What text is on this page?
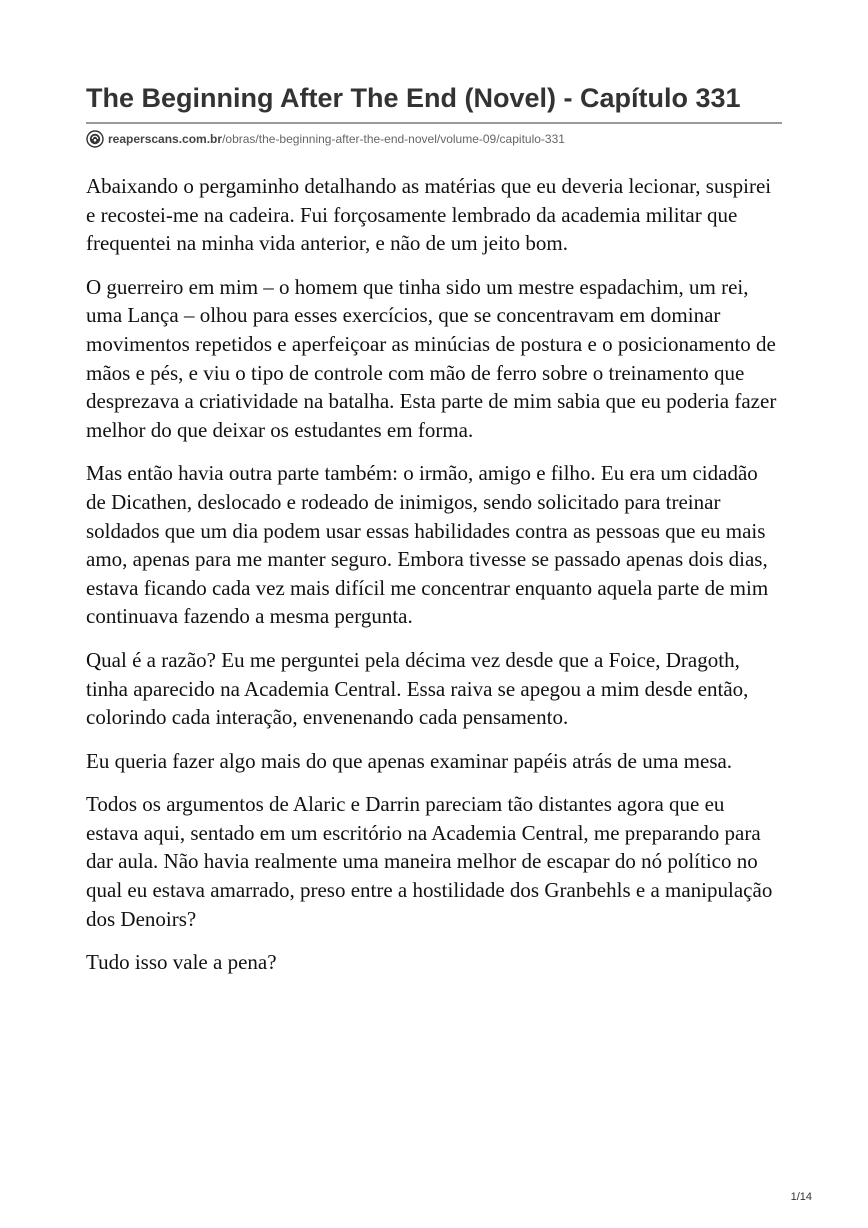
The Beginning After The End (Novel) - Capítulo 331
reaperscans.com.br /obras/the-beginning-after-the-end-novel/volume-09/capitulo-331

Abaixando o pergaminho detalhando as matérias que eu deveria lecionar, suspirei e recostei-me na cadeira. Fui forçosamente lembrado da academia militar que frequentei na minha vida anterior, e não de um jeito bom.

O guerreiro em mim – o homem que tinha sido um mestre espadachim, um rei, uma Lança – olhou para esses exercícios, que se concentravam em dominar movimentos repetidos e aperfeiçoar as minúcias de postura e o posicionamento de mãos e pés, e viu o tipo de controle com mão de ferro sobre o treinamento que desprezava a criatividade na batalha. Esta parte de mim sabia que eu poderia fazer melhor do que deixar os estudantes em forma.

Mas então havia outra parte também: o irmão, amigo e filho. Eu era um cidadão de Dicathen, deslocado e rodeado de inimigos, sendo solicitado para treinar soldados que um dia podem usar essas habilidades contra as pessoas que eu mais amo, apenas para me manter seguro. Embora tivesse se passado apenas dois dias, estava ficando cada vez mais difícil me concentrar enquanto aquela parte de mim continuava fazendo a mesma pergunta.

Qual é a razão? Eu me perguntei pela décima vez desde que a Foice, Dragoth, tinha aparecido na Academia Central. Essa raiva se apegou a mim desde então, colorindo cada interação, envenenando cada pensamento.

Eu queria fazer algo mais do que apenas examinar papéis atrás de uma mesa.

Todos os argumentos de Alaric e Darrin pareciam tão distantes agora que eu estava aqui, sentado em um escritório na Academia Central, me preparando para dar aula. Não havia realmente uma maneira melhor de escapar do nó político no qual eu estava amarrado, preso entre a hostilidade dos Granbehls e a manipulação dos Denoirs?

Tudo isso vale a pena?

1/14
